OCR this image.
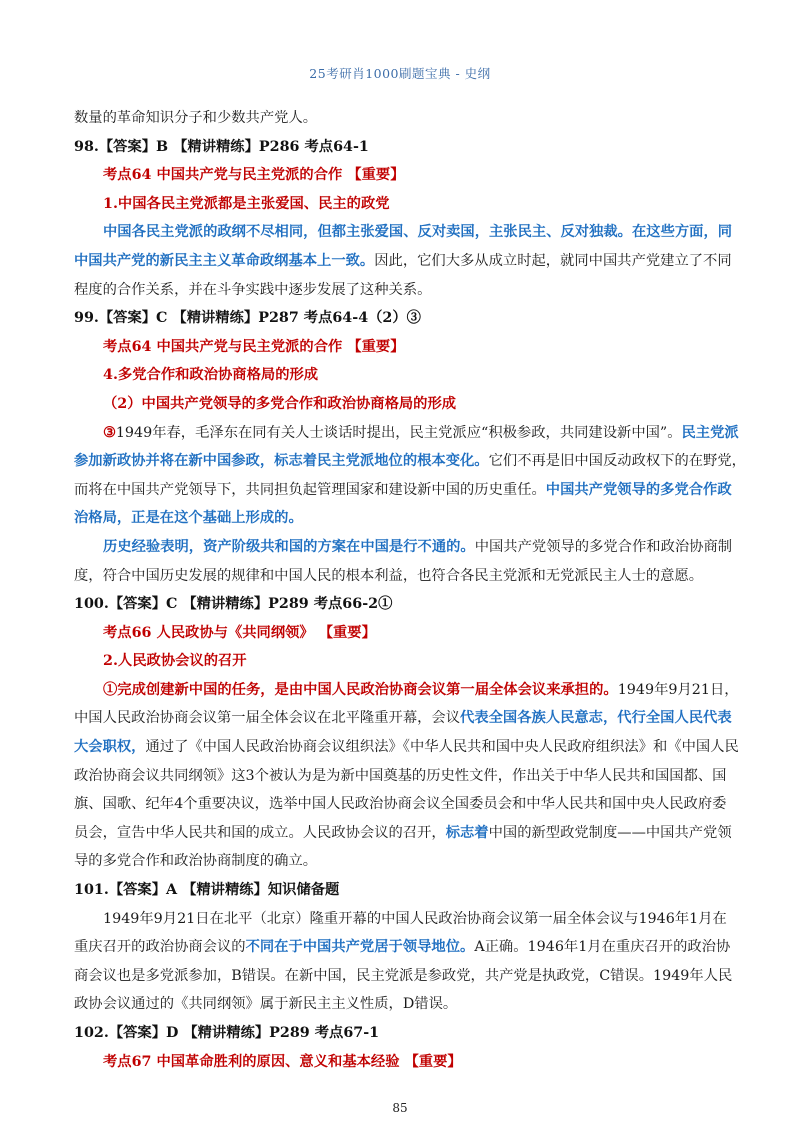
25考研肖1000刷题宝典 - 史纲
数量的革命知识分子和少数共产党人。
98.【答案】B 【精讲精练】P286 考点64-1
考点64 中国共产党与民主党派的合作 【重要】
1.中国各民主党派都是主张爱国、民主的政党
中国各民主党派的政纲不尽相同，但都主张爱国、反对卖国，主张民主、反对独裁。在这些方面，同
中国共产党的新民主主义革命政纲基本上一致。因此，它们大多从成立时起，就同中国共产党建立了不同
程度的合作关系，并在斗争实践中逐步发展了这种关系。
99.【答案】C 【精讲精练】P287 考点64-4（2）③
考点64 中国共产党与民主党派的合作 【重要】
4.多党合作和政治协商格局的形成
（2）中国共产党领导的多党合作和政治协商格局的形成
③1949年春，毛泽东在同有关人士谈话时提出，民主党派应“积极参政，共同建设新中国”。民主党派
参加新政协并将在新中国参政，标志着民主党派地位的根本变化。它们不再是旧中国反动政权下的在野党，
而将在中国共产党领导下，共同担负起管理国家和建设新中国的历史重任。中国共产党领导的多党合作政
治格局，正是在这个基础上形成的。
历史经验表明，资产阶级共和国的方案在中国是行不通的。中国共产党领导的多党合作和政治协商制
度，符合中国历史发展的规律和中国人民的根本利益，也符合各民主党派和无党派民主人士的意愿。
100.【答案】C 【精讲精练】P289 考点66-2①
考点66 人民政协与《共同纲领》 【重要】
2.人民政协会议的召开
①完成创建新中国的任务，是由中国人民政治协商会议第一届全体会议来承担的。1949年9月21日，
中国人民政治协商会议第一届全体会议在北平隆重开幕，会议代表全国各族人民意志，代行全国人民代表
大会职权，通过了《中国人民政治协商会议组织法》《中华人民共和国中央人民政府组织法》和《中国人民
政治协商会议共同纲领》这3个被认为是为新中国奠基的历史性文件，作出关于中华人民共和国国都、国
旗、国歌、纪年4个重要决议，选举中国人民政治协商会议全国委员会和中华人民共和国中央人民政府委
员会，宣告中华人民共和国的成立。人民政协会议的召开，标志着中国的新型政党制度——中国共产党领
导的多党合作和政治协商制度的确立。
101.【答案】A 【精讲精练】知识储备题
1949年9月21日在北平（北京）隆重开幕的中国人民政治协商会议第一届全体会议与1946年1月在
重庆召开的政治协商会议的不同在于中国共产党居于领导地位。A正确。1946年1月在重庆召开的政治协
商会议也是多党派参加，B错误。在新中国，民主党派是参政党，共产党是执政党，C错误。1949年人民
政协会议通过的《共同纲领》属于新民主主义性质，D错误。
102.【答案】D 【精讲精练】P289 考点67-1
考点67 中国革命胜利的原因、意义和基本经验 【重要】
85
